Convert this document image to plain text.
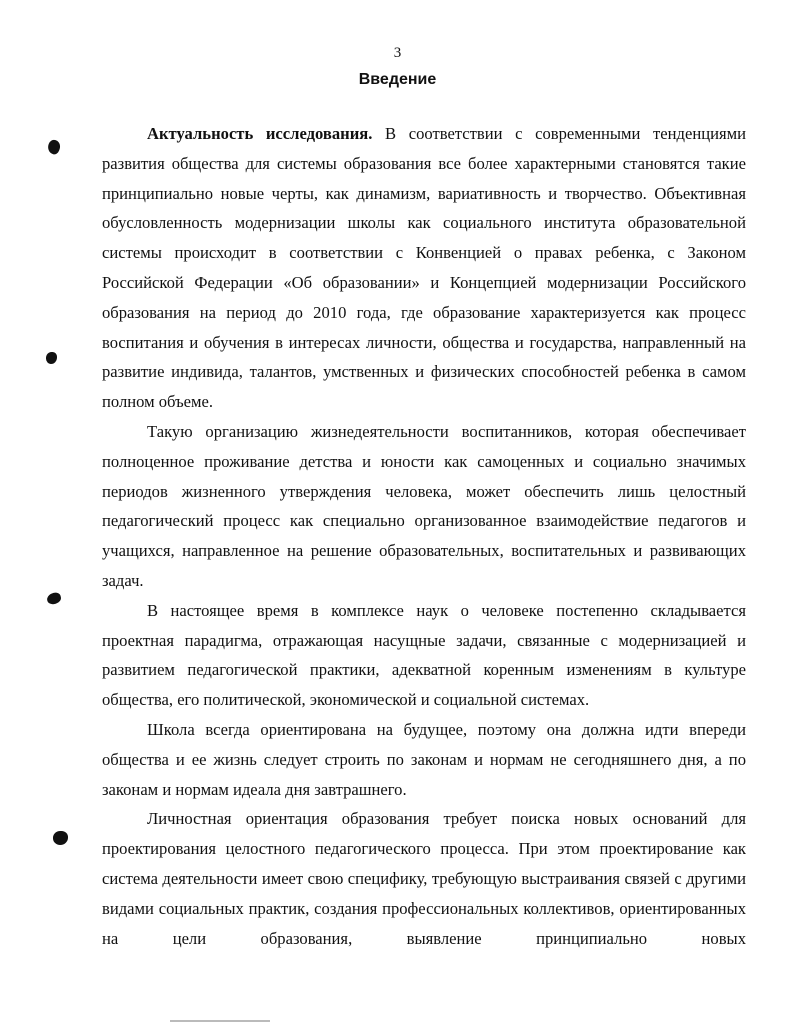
3
Введение

Актуальность исследования. В соответствии с современными тенденциями развития общества для системы образования все более характерными становятся такие принципиально новые черты, как динамизм, вариативность и творчество. Объективная обусловленность модернизации школы как социального института образовательной системы происходит в соответствии с Конвенцией о правах ребенка, с Законом Российской Федерации «Об образовании» и Концепцией модернизации Российского образования на период до 2010 года, где образование характеризуется как процесс воспитания и обучения в интересах личности, общества и государства, направленный на развитие индивида, талантов, умственных и физических способностей ребенка в самом полном объеме.

Такую организацию жизнедеятельности воспитанников, которая обеспечивает полноценное проживание детства и юности как самоценных и социально значимых периодов жизненного утверждения человека, может обеспечить лишь целостный педагогический процесс как специально организованное взаимодействие педагогов и учащихся, направленное на решение образовательных, воспитательных и развивающих задач.

В настоящее время в комплексе наук о человеке постепенно складывается проектная парадигма, отражающая насущные задачи, связанные с модернизацией и развитием педагогической практики, адекватной коренным изменениям в культуре общества, его политической, экономической и социальной системах.

Школа всегда ориентирована на будущее, поэтому она должна идти впереди общества и ее жизнь следует строить по законам и нормам не сегодняшнего дня, а по законам и нормам идеала дня завтрашнего.

Личностная ориентация образования требует поиска новых оснований для проектирования целостного педагогического процесса. При этом проектирование как система деятельности имеет свою специфику, требующую выстраивания связей с другими видами социальных практик, создания профессиональных коллективов, ориентированных на цели образования, выявление принципиально новых
